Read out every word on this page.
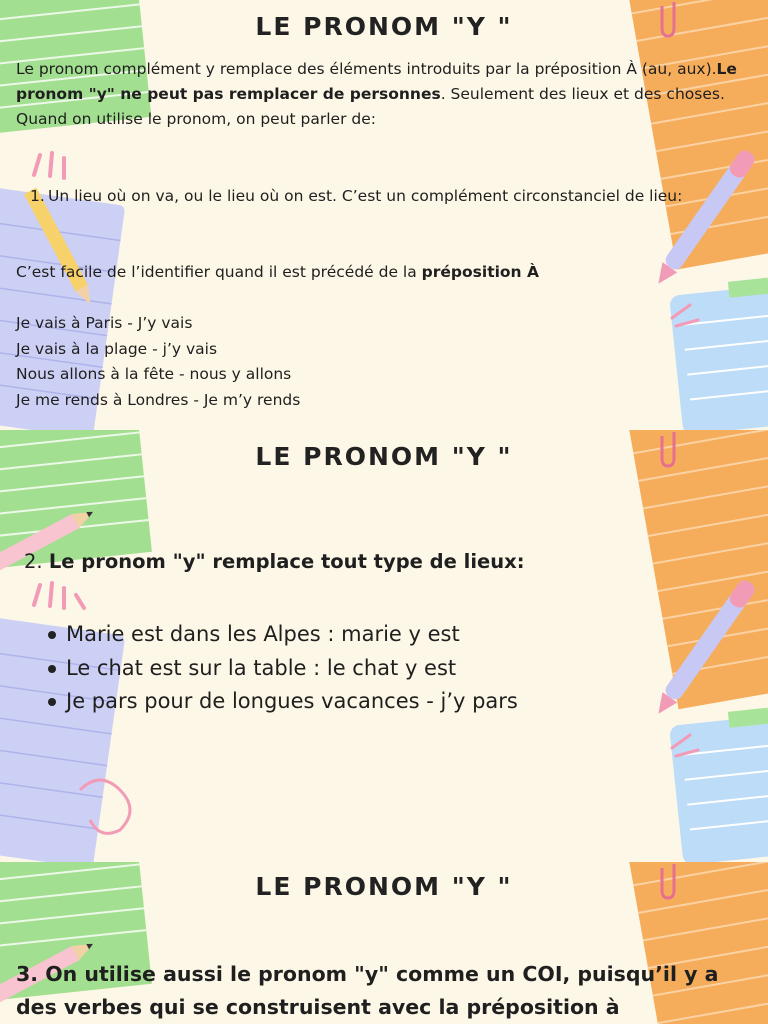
LE PRONOM "Y "

Le pronom complément y remplace des éléments introduits par la préposition À (au, aux).Le pronom "y" ne peut pas remplacer de personnes. Seulement des lieux et des choses.

Quand on utilise le pronom, on peut parler de:

1. Un lieu où on va, ou le lieu où on est. C’est un complément circonstanciel de lieu:

C’est facile de l’identifier quand il est précédé de la préposition À

Je vais à Paris - J’y vais
Je vais à la plage - j’y vais
Nous allons à la fête - nous y allons
Je me rends à Londres - Je m’y rends
LE PRONOM "Y "
2. Le pronom "y" remplace tout type de lieux:
Marie est dans les Alpes : marie y est
Le chat est sur la table : le chat y est
Je pars pour de longues vacances - j’y pars
LE PRONOM "Y "
3. On utilise aussi le pronom "y" comme un COI, puisqu’il y a des verbes qui se construisent avec la préposition à
